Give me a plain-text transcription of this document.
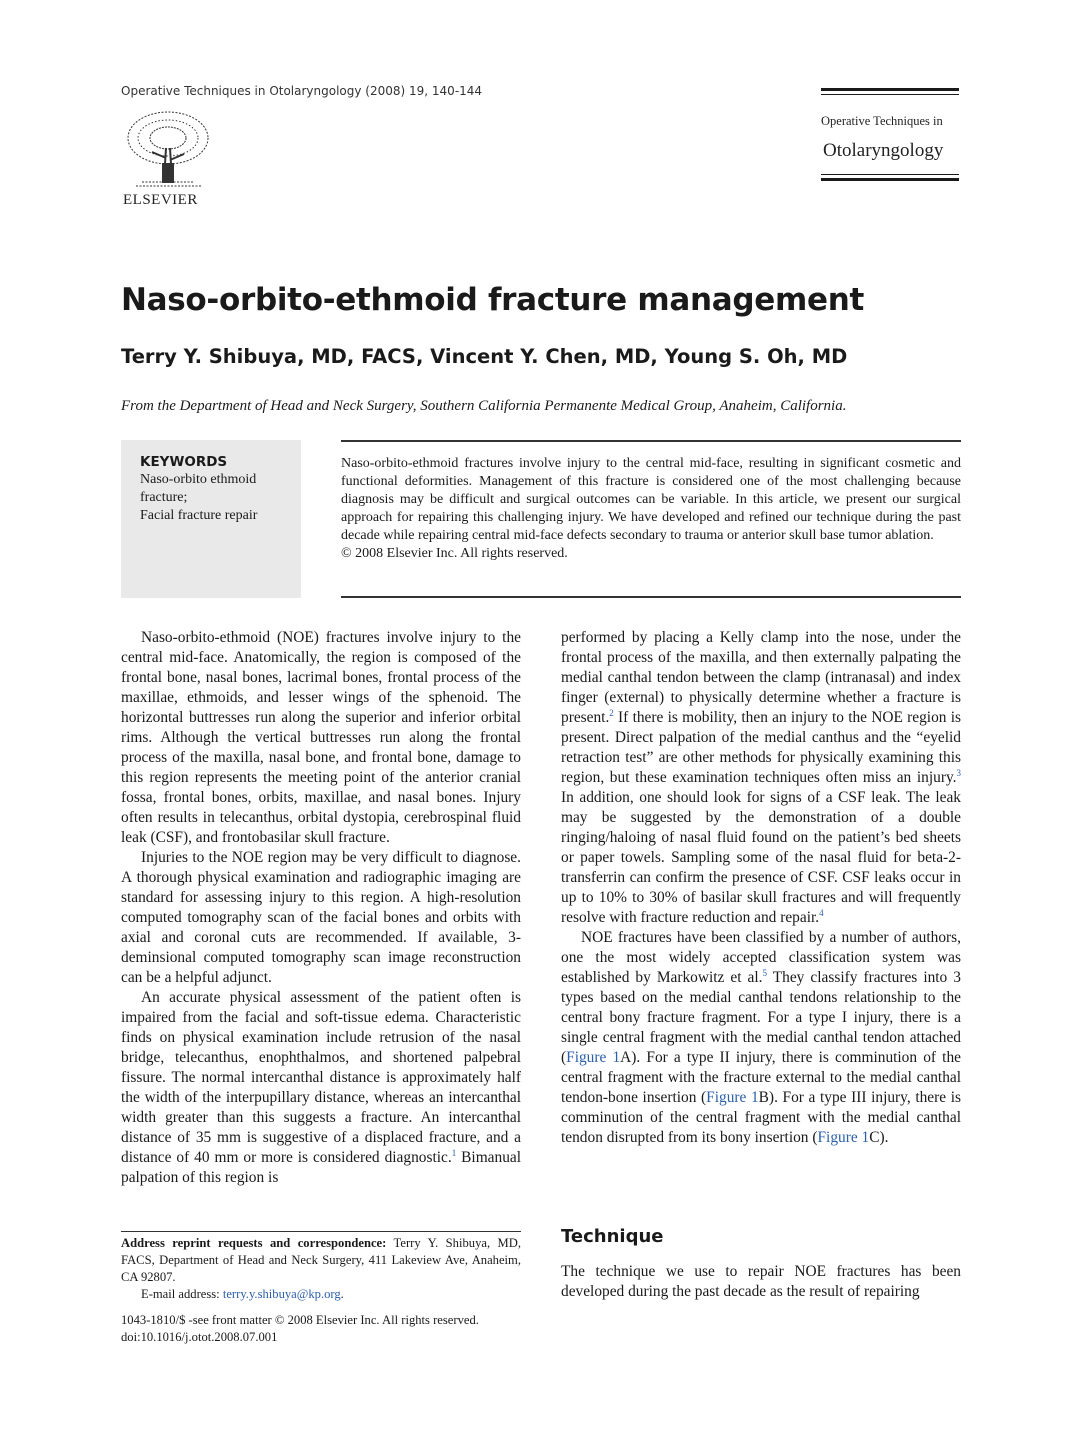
Operative Techniques in Otolaryngology (2008) 19, 140-144
ELSEVIER
Operative Techniques in
Otolaryngology
Naso-orbito-ethmoid fracture management
Terry Y. Shibuya, MD, FACS, Vincent Y. Chen, MD, Young S. Oh, MD
From the Department of Head and Neck Surgery, Southern California Permanente Medical Group, Anaheim, California.
KEYWORDS
Naso-orbito ethmoid fracture;
Facial fracture repair
Naso-orbito-ethmoid fractures involve injury to the central mid-face, resulting in significant cosmetic and functional deformities. Management of this fracture is considered one of the most challenging because diagnosis may be difficult and surgical outcomes can be variable. In this article, we present our surgical approach for repairing this challenging injury. We have developed and refined our technique during the past decade while repairing central mid-face defects secondary to trauma or anterior skull base tumor ablation.
© 2008 Elsevier Inc. All rights reserved.

Naso-orbito-ethmoid (NOE) fractures involve injury to the central mid-face. Anatomically, the region is composed of the frontal bone, nasal bones, lacrimal bones, frontal process of the maxillae, ethmoids, and lesser wings of the sphenoid. The horizontal buttresses run along the superior and inferior orbital rims. Although the vertical buttresses run along the frontal process of the maxilla, nasal bone, and frontal bone, damage to this region represents the meeting point of the anterior cranial fossa, frontal bones, orbits, maxillae, and nasal bones. Injury often results in telecanthus, orbital dystopia, cerebrospinal fluid leak (CSF), and frontobasilar skull fracture.

Injuries to the NOE region may be very difficult to diagnose. A thorough physical examination and radiographic imaging are standard for assessing injury to this region. A high-resolution computed tomography scan of the facial bones and orbits with axial and coronal cuts are recommended. If available, 3-deminsional computed tomography scan image reconstruction can be a helpful adjunct.

An accurate physical assessment of the patient often is impaired from the facial and soft-tissue edema. Characteristic finds on physical examination include retrusion of the nasal bridge, telecanthus, enophthalmos, and shortened palpebral fissure. The normal intercanthal distance is approximately half the width of the interpupillary distance, whereas an intercanthal width greater than this suggests a fracture. An intercanthal distance of 35 mm is suggestive of a displaced fracture, and a distance of 40 mm or more is considered diagnostic.$^1$ Bimanual palpation of this region is

performed by placing a Kelly clamp into the nose, under the frontal process of the maxilla, and then externally palpating the medial canthal tendon between the clamp (intranasal) and index finger (external) to physically determine whether a fracture is present.$^2$ If there is mobility, then an injury to the NOE region is present. Direct palpation of the medial canthus and the “eyelid retraction test” are other methods for physically examining this region, but these examination techniques often miss an injury.$^3$ In addition, one should look for signs of a CSF leak. The leak may be suggested by the demonstration of a double ringing/haloing of nasal fluid found on the patient’s bed sheets or paper towels. Sampling some of the nasal fluid for beta-2-transferrin can confirm the presence of CSF. CSF leaks occur in up to 10% to 30% of basilar skull fractures and will frequently resolve with fracture reduction and repair.$^4$

NOE fractures have been classified by a number of authors, one the most widely accepted classification system was established by Markowitz et al.$^5$ They classify fractures into 3 types based on the medial canthal tendons relationship to the central bony fracture fragment. For a type I injury, there is a single central fragment with the medial canthal tendon attached (Figure 1A). For a type II injury, there is comminution of the central fragment with the fracture external to the medial canthal tendon-bone insertion (Figure 1B). For a type III injury, there is comminution of the central fragment with the medial canthal tendon disrupted from its bony insertion (Figure 1C).

Technique

The technique we use to repair NOE fractures has been developed during the past decade as the result of repairing

Address reprint requests and correspondence: Terry Y. Shibuya, MD, FACS, Department of Head and Neck Surgery, 411 Lakeview Ave, Anaheim, CA 92807.
E-mail address: terry.y.shibuya@kp.org.
1043-1810/$ -see front matter © 2008 Elsevier Inc. All rights reserved.
doi:10.1016/j.otot.2008.07.001
